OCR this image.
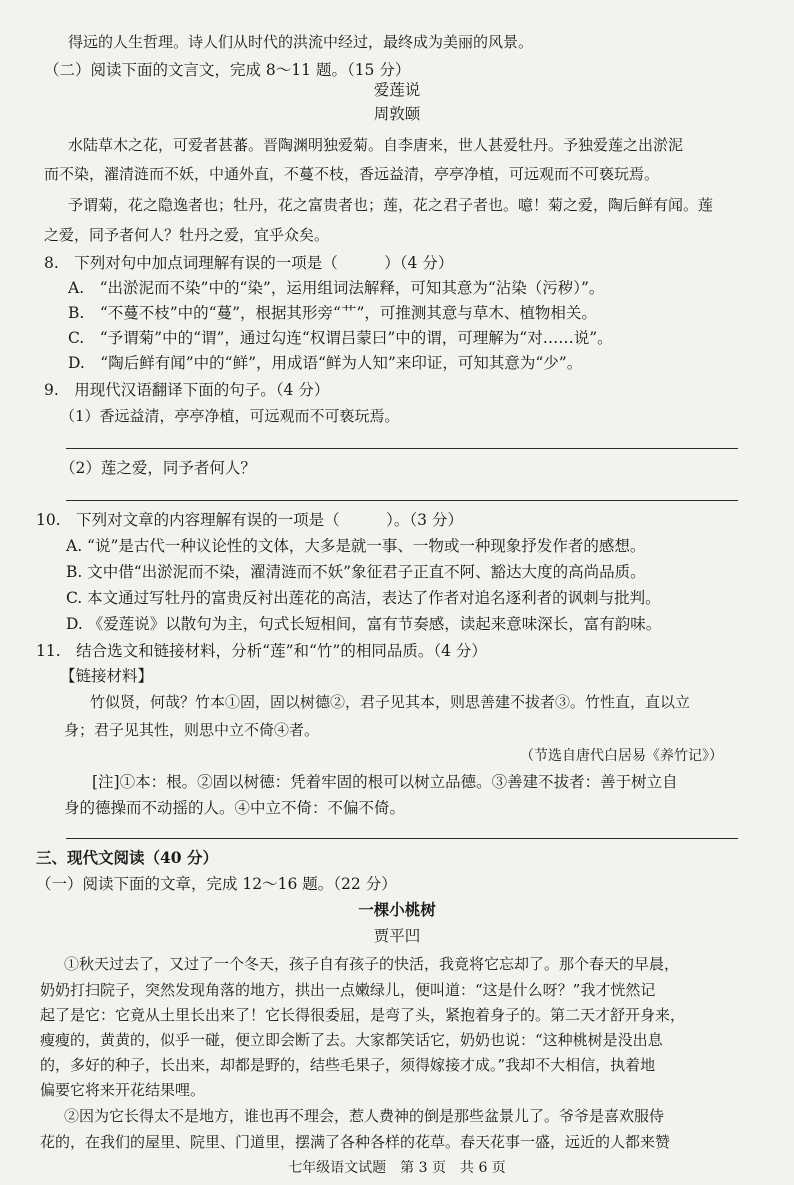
得远的人生哲理。诗人们从时代的洪流中经过，最终成为美丽的风景。
（二）阅读下面的文言文，完成 8～11 题。（15 分）
爱莲说
周敦颐
水陆草木之花，可爱者甚蕃。晋陶渊明独爱菊。自李唐来，世人甚爱牡丹。予独爱莲之出淤泥
而不染，濯清涟而不妖，中通外直，不蔓不枝，香远益清，亭亭净植，可远观而不可亵玩焉。
予谓菊，花之隐逸者也；牡丹，花之富贵者也；莲，花之君子者也。噫！菊之爱，陶后鲜有闻。莲
之爱，同予者何人？牡丹之爱，宜乎众矣。
8.　下列对句中加点词理解有误的一项是（　　　）（4 分）
A.　“出淤泥而不染”中的“染”，运用组词法解释，可知其意为“沾染（污秽）”。
B.　“不蔓不枝”中的“蔓”，根据其形旁“艹”，可推测其意与草木、植物相关。
C.　“予谓菊”中的“谓”，通过勾连“权谓吕蒙曰”中的谓，可理解为“对……说”。
D.　“陶后鲜有闻”中的“鲜”，用成语“鲜为人知”来印证，可知其意为“少”。
9.　用现代汉语翻译下面的句子。（4 分）
（1）香远益清，亭亭净植，可远观而不可亵玩焉。
（2）莲之爱，同予者何人？
10.　下列对文章的内容理解有误的一项是（　　　）。（3 分）
A. “说”是古代一种议论性的文体，大多是就一事、一物或一种现象抒发作者的感想。
B. 文中借“出淤泥而不染，濯清涟而不妖”象征君子正直不阿、豁达大度的高尚品质。
C. 本文通过写牡丹的富贵反衬出莲花的高洁，表达了作者对追名逐利者的讽刺与批判。
D. 《爱莲说》以散句为主，句式长短相间，富有节奏感，读起来意味深长，富有韵味。
11.　结合选文和链接材料，分析“莲”和“竹”的相同品质。（4 分）
【链接材料】
竹似贤，何哉？竹本①固，固以树德②，君子见其本，则思善建不拔者③。竹性直，直以立
身；君子见其性，则思中立不倚④者。
（节选自唐代白居易《养竹记》）
[注]①本：根。②固以树德：凭着牢固的根可以树立品德。③善建不拔者：善于树立自
身的德操而不动摇的人。④中立不倚：不偏不倚。
三、现代文阅读（40 分）
（一）阅读下面的文章，完成 12～16 题。（22 分）
一棵小桃树
贾平凹
①秋天过去了，又过了一个冬天，孩子自有孩子的快活，我竟将它忘却了。那个春天的早晨，
奶奶打扫院子，突然发现角落的地方，拱出一点嫩绿儿，便叫道：“这是什么呀？”我才恍然记
起了是它：它竟从土里长出来了！它长得很委屈，是弯了头，紧抱着身子的。第二天才舒开身来，
瘦瘦的，黄黄的，似乎一碰，便立即会断了去。大家都笑话它，奶奶也说：“这种桃树是没出息
的，多好的种子，长出来，却都是野的，结些毛果子，须得嫁接才成。”我却不大相信，执着地
偏要它将来开花结果哩。
②因为它长得太不是地方，谁也再不理会，惹人费神的倒是那些盆景儿了。爷爷是喜欢服侍
花的，在我们的屋里、院里、门道里，摆满了各种各样的花草。春天花事一盛，远近的人都来赞
七年级语文试题　第 3 页　共 6 页
